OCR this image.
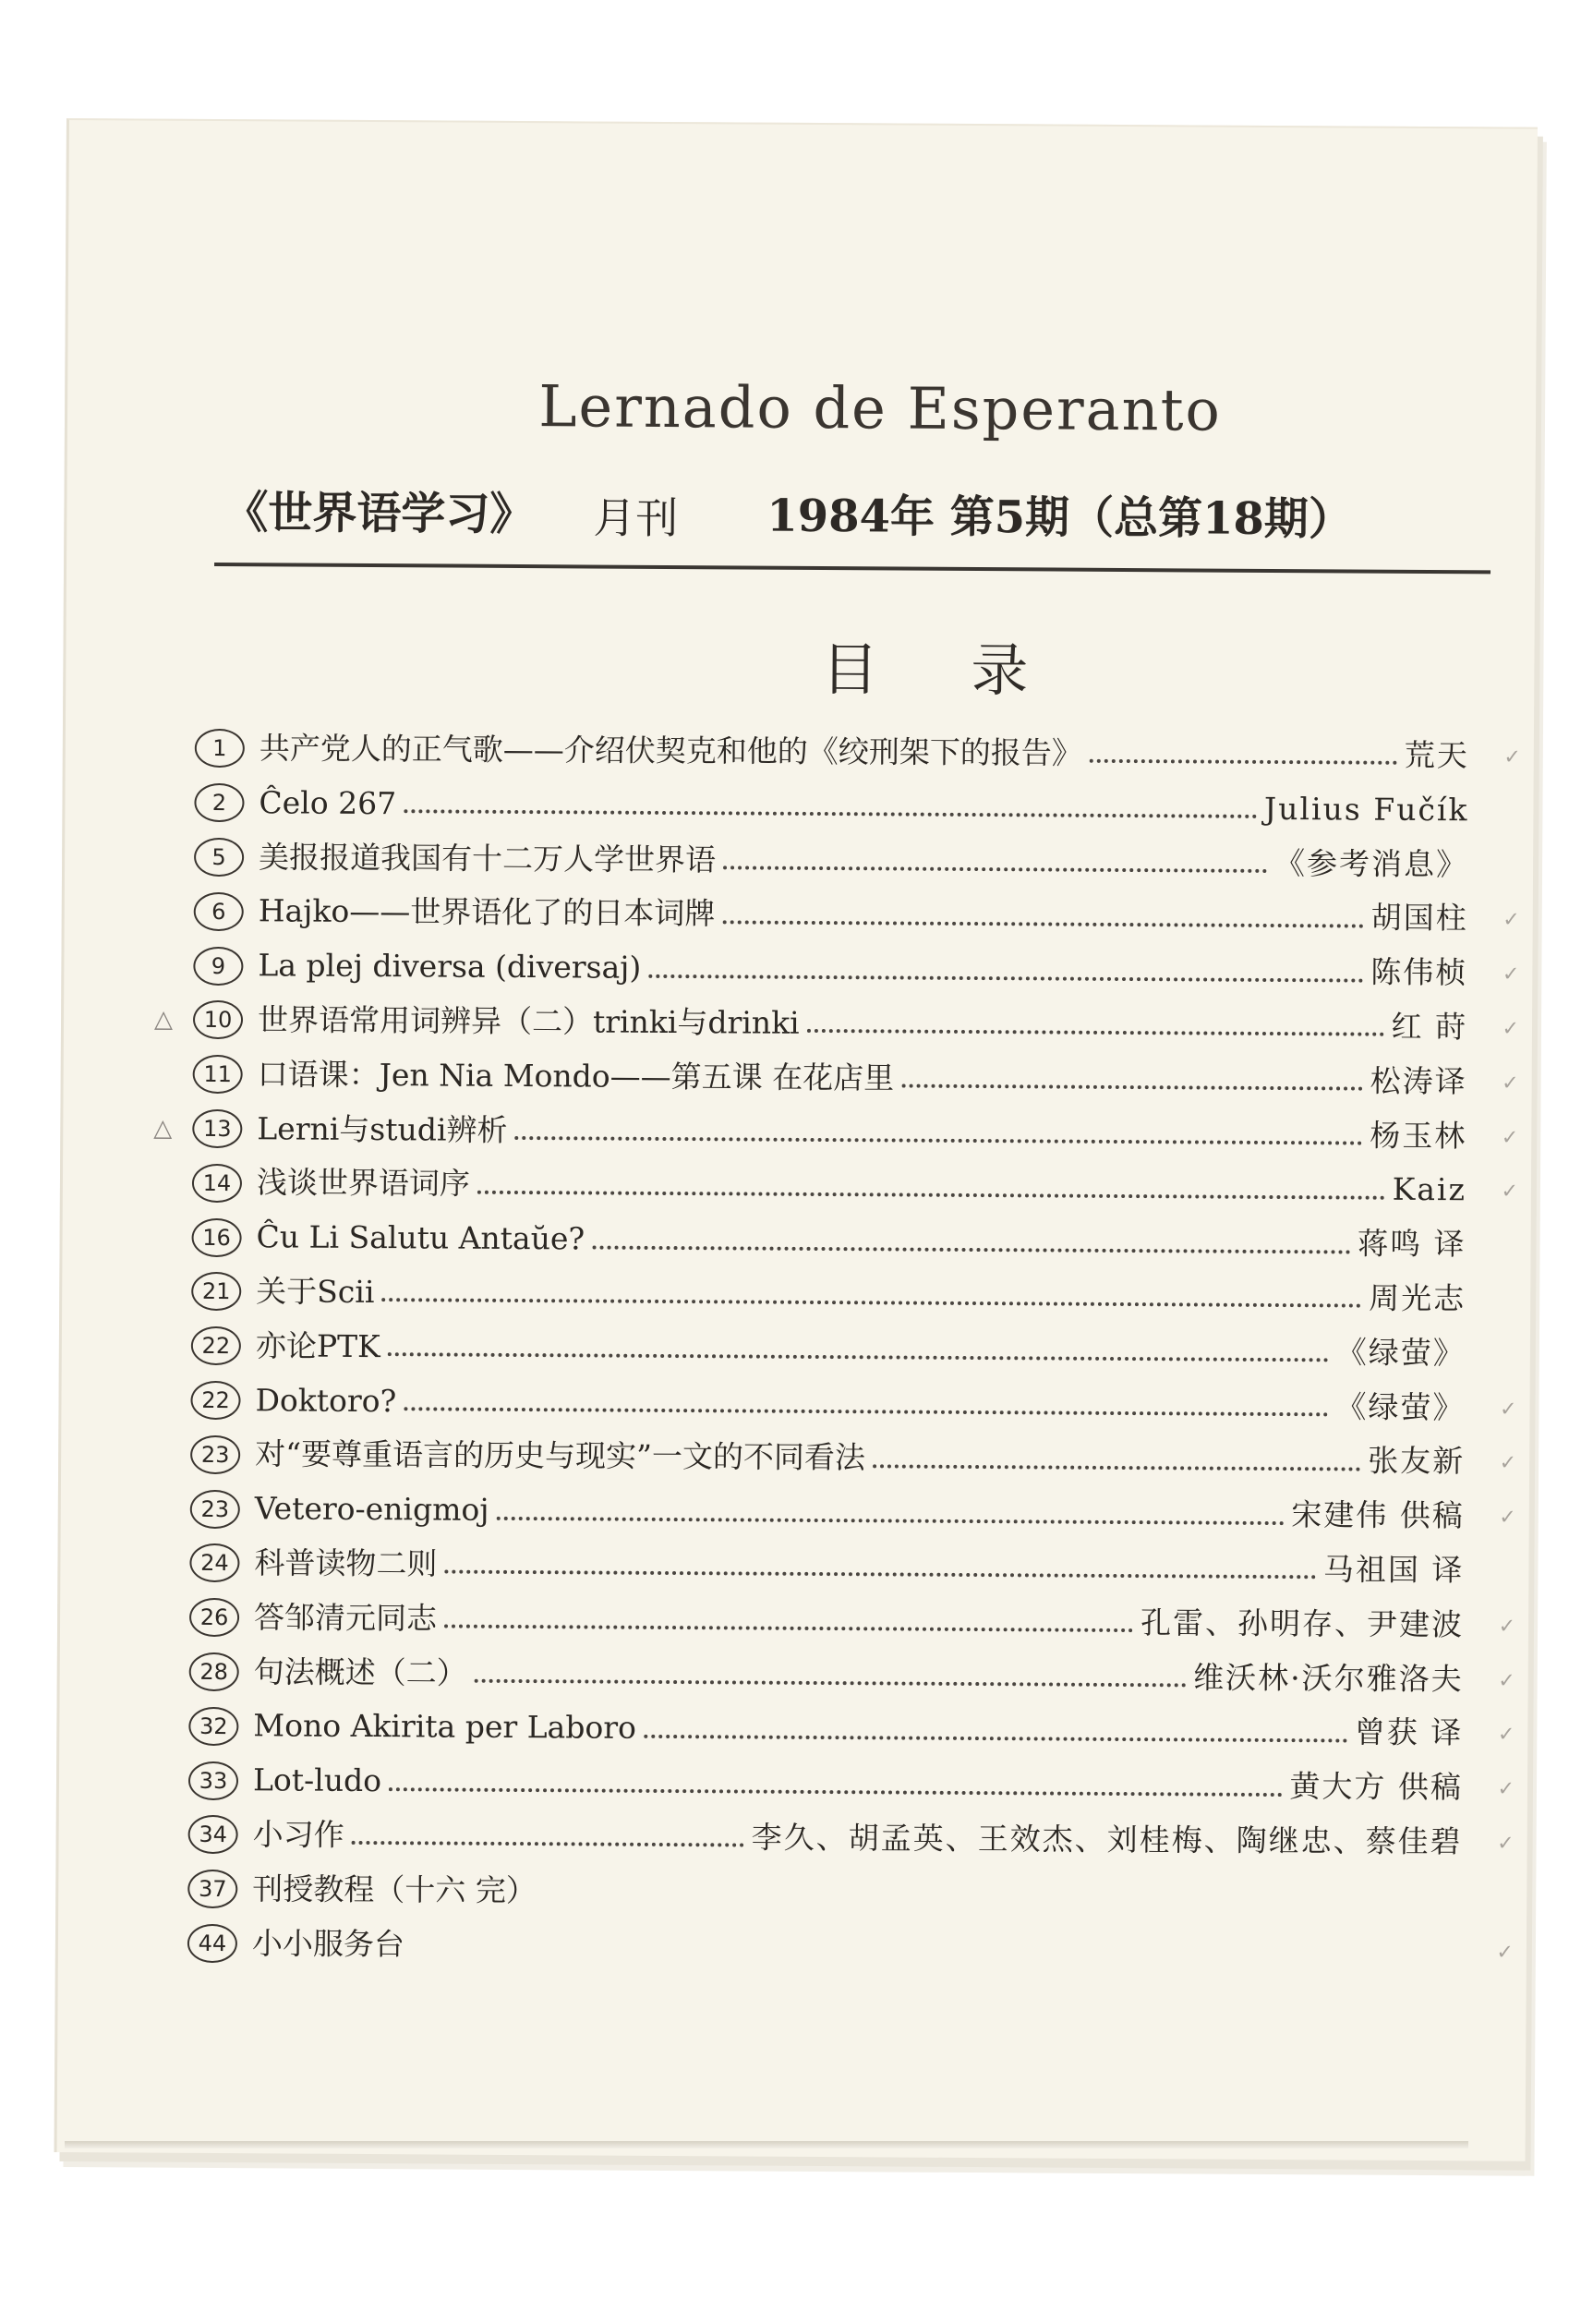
Lernado de Esperanto
《世界语学习》 月刊 1984年 第5期（总第18期）
目录
1	共产党人的正气歌——介绍伏契克和他的《绞刑架下的报告》	荒天 ✓
2	Ĉelo 267	Julius Fučík
5	美报报道我国有十二万人学世界语	《参考消息》
6	Hajko——世界语化了的日本词牌	胡国柱 ✓
9	La plej diversa (diversaj)	陈伟桢 ✓
△	10 世界语常用词辨异（二）trinki与drinki	红 莳 ✓
11 口语课：Jen Nia Mondo——第五课 在花店里	松涛译 ✓
△	13 Lerni与studi辨析	杨玉林 ✓
14 浅谈世界语词序	Kaiz ✓
16 Ĉu Li Salutu Antaŭe?	蒋鸣 译
21 关于Scii	周光志
22 亦论PTK	《绿萤》
22 Doktoro?	《绿萤》 ✓
23 对“要尊重语言的历史与现实”一文的不同看法	张友新 ✓
23 Vetero-enigmoj	宋建伟 供稿 ✓
24 科普读物二则	马祖国 译
26 答邹清元同志	孔雷、孙明存、尹建波 ✓
28 句法概述（二）	维沃林·沃尔雅洛夫 ✓
32 Mono Akirita per Laboro	曾获 译 ✓
33 Lot-ludo	黄大方 供稿 ✓
34 小习作	李久、胡孟英、王效杰、刘桂梅、陶继忠、蔡佳碧 ✓
37 刊授教程（十六 完）
44 小小服务台	✓
